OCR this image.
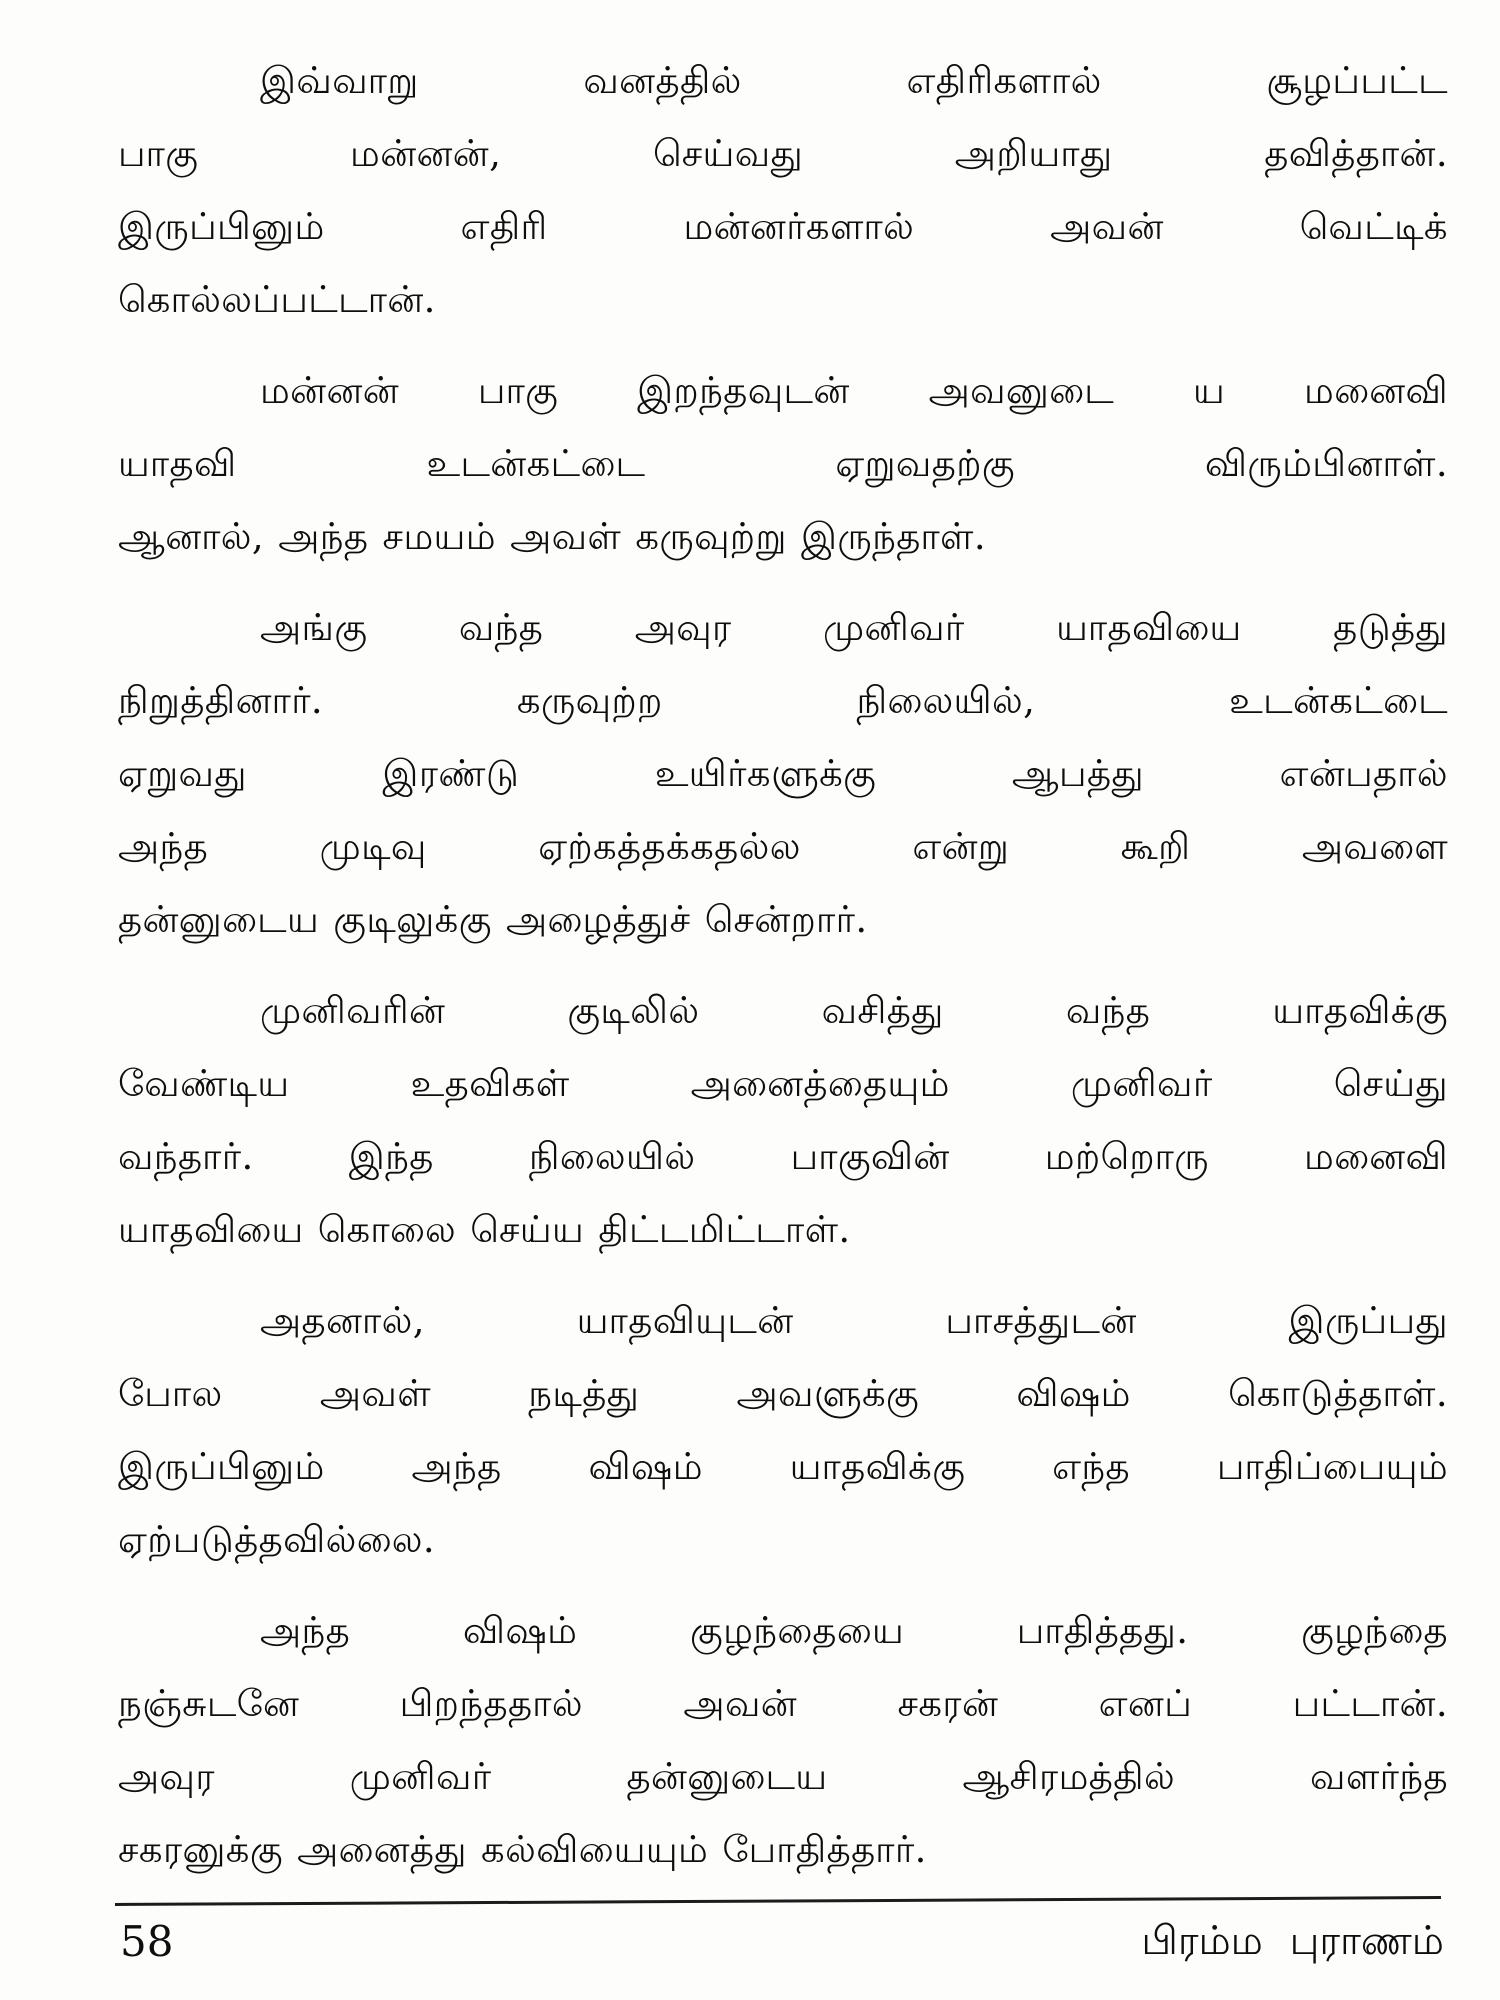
இவ்வாறு வனத்தில் எதிரிகளால் சூழப்பட்ட
பாகு மன்னன், செய்வது அறியாது தவித்தான்.
இருப்பினும் எதிரி மன்னர்களால் அவன் வெட்டிக்
கொல்லப்பட்டான்.
மன்னன் பாகு இறந்தவுடன் அவனுடை ய மனைவி
யாதவி உடன்கட்டை ஏறுவதற்கு விரும்பினாள்.
ஆனால், அந்த சமயம் அவள் கருவுற்று இருந்தாள்.
அங்கு வந்த அவுர முனிவர் யாதவியை தடுத்து
நிறுத்தினார். கருவுற்ற நிலையில், உடன்கட்டை
ஏறுவது இரண்டு உயிர்களுக்கு ஆபத்து என்பதால்
அந்த முடிவு ஏற்கத்தக்கதல்ல என்று கூறி அவளை
தன்னுடைய குடிலுக்கு அழைத்துச் சென்றார்.
முனிவரின் குடிலில் வசித்து வந்த யாதவிக்கு
வேண்டிய உதவிகள் அனைத்தையும் முனிவர் செய்து
வந்தார். இந்த நிலையில் பாகுவின் மற்றொரு மனைவி
யாதவியை கொலை செய்ய திட்டமிட்டாள்.
அதனால், யாதவியுடன் பாசத்துடன் இருப்பது
போல அவள் நடித்து அவளுக்கு விஷம் கொடுத்தாள்.
இருப்பினும் அந்த விஷம் யாதவிக்கு எந்த பாதிப்பையும்
ஏற்படுத்தவில்லை.
அந்த விஷம் குழந்தையை பாதித்தது. குழந்தை
நஞ்சுடனே பிறந்ததால் அவன் சகரன் எனப் பட்டான்.
அவுர முனிவர் தன்னுடைய ஆசிரமத்தில் வளர்ந்த
சகரனுக்கு அனைத்து கல்வியையும் போதித்தார்.
58	பிரம்ம புராணம்
